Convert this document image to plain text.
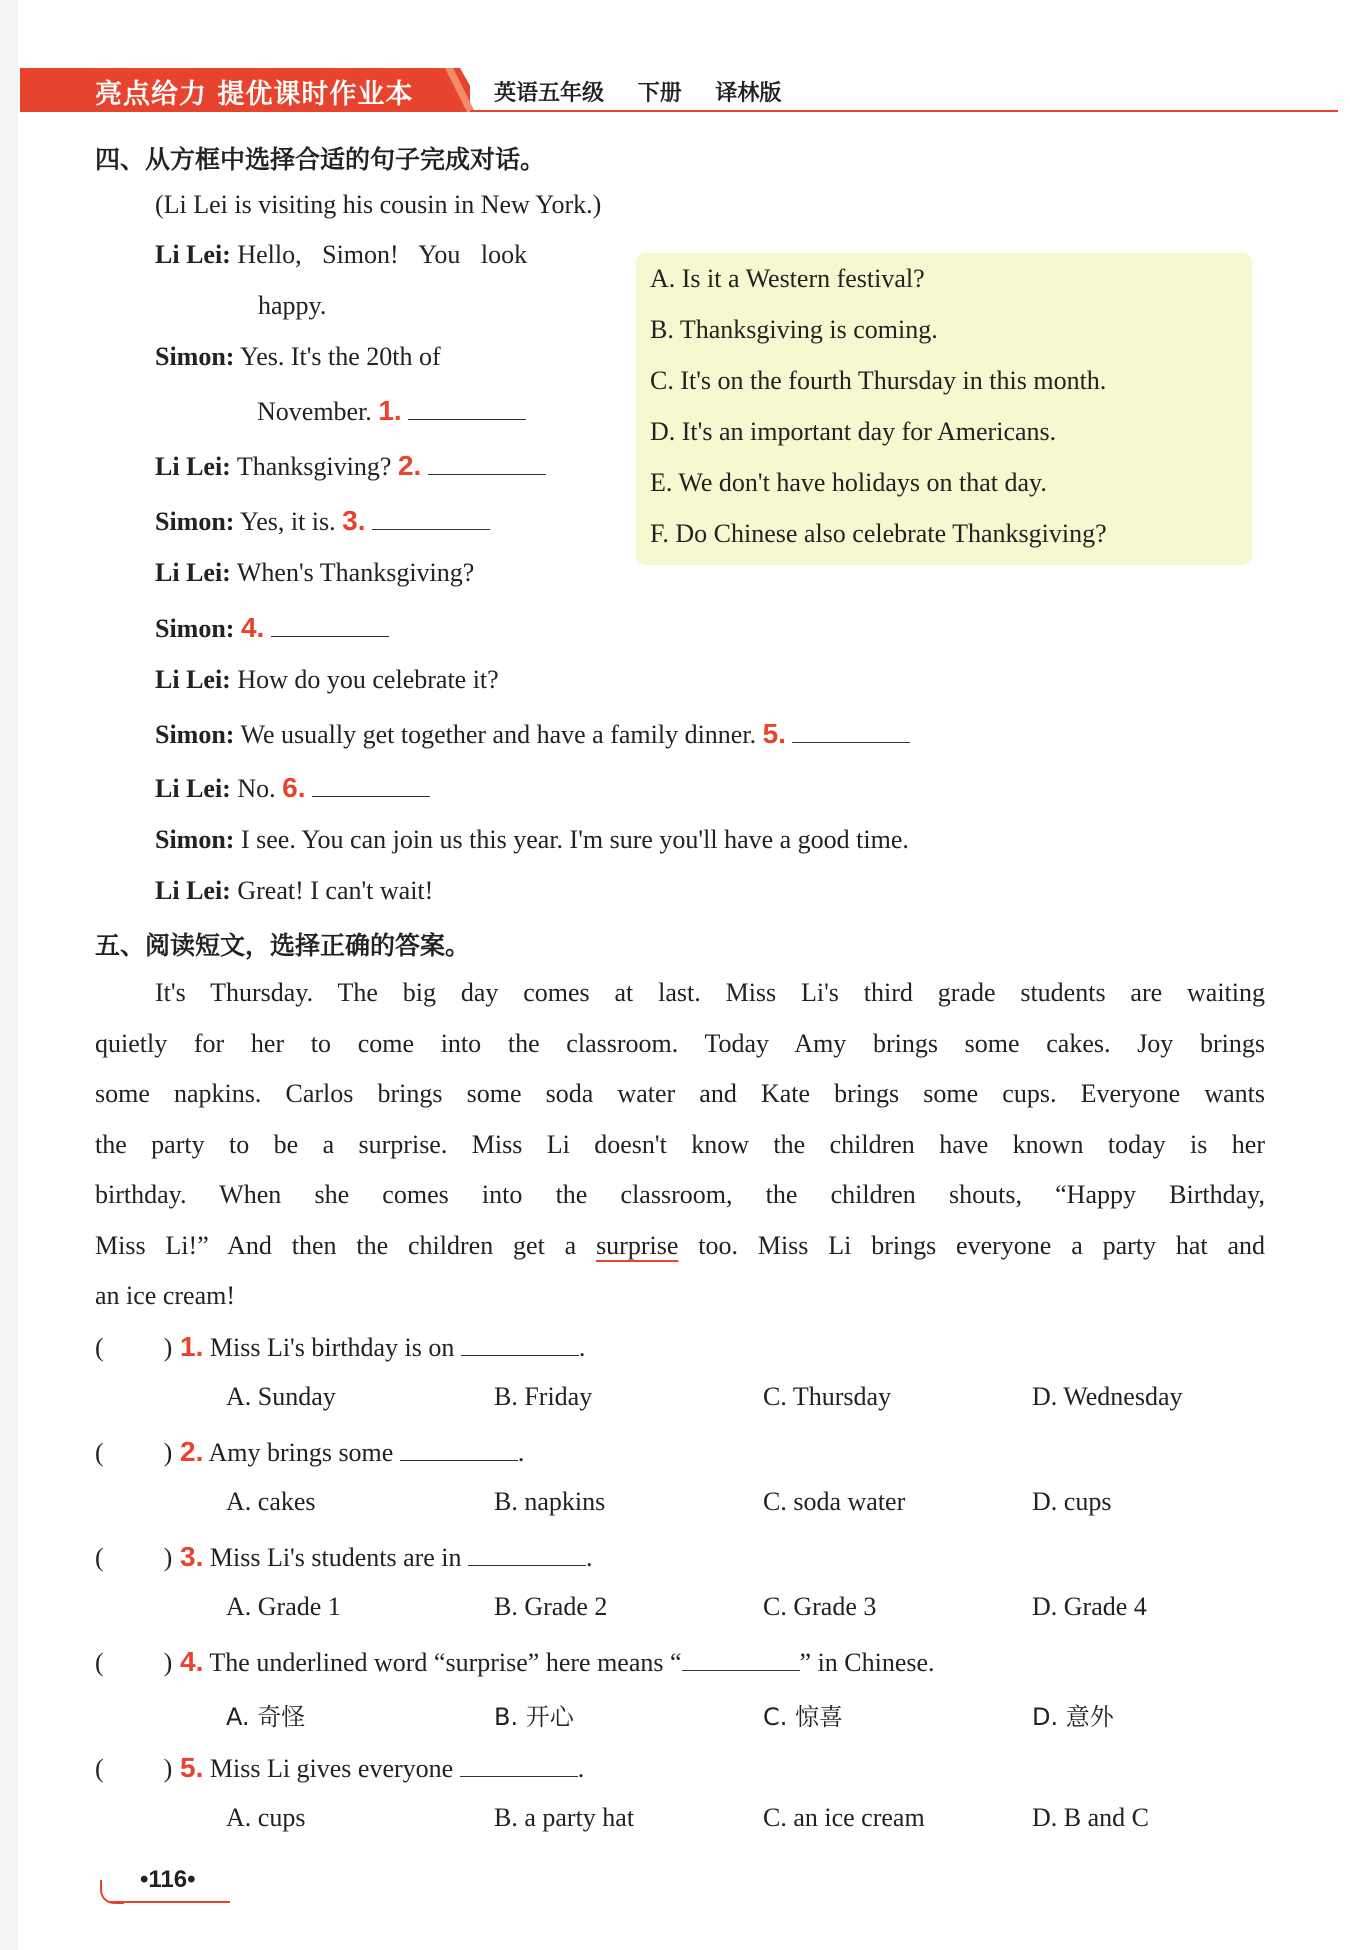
亮点给力 提优课时作业本	英语五年级 下册 译林版
四、从方框中选择合适的句子完成对话。
(Li Lei is visiting his cousin in New York.)
Li Lei: Hello, Simon! You look
happy.
Simon: Yes. It's the 20th of
November. 1.
Li Lei: Thanksgiving? 2.
Simon: Yes, it is. 3.
Li Lei: When's Thanksgiving?
Simon: 4.
Li Lei: How do you celebrate it?
Simon: We usually get together and have a family dinner. 5.
Li Lei: No. 6.
Simon: I see. You can join us this year. I'm sure you'll have a good time.
Li Lei: Great! I can't wait!
A. Is it a Western festival?
B. Thanksgiving is coming.
C. It's on the fourth Thursday in this month.
D. It's an important day for Americans.
E. We don't have holidays on that day.
F. Do Chinese also celebrate Thanksgiving?
五、阅读短文，选择正确的答案。
It's Thursday. The big day comes at last. Miss Li's third grade students are waiting
quietly for her to come into the classroom. Today Amy brings some cakes. Joy brings
some napkins. Carlos brings some soda water and Kate brings some cups. Everyone wants
the party to be a surprise. Miss Li doesn't know the children have known today is her
birthday. When she comes into the classroom, the children shouts, “Happy Birthday,
Miss Li!” And then the children get a surprise too. Miss Li brings everyone a party hat and
an ice cream!
( ) 1. Miss Li's birthday is on	.
A. Sunday	B. Friday	C. Thursday	D. Wednesday
( ) 2. Amy brings some	.
A. cakes	B. napkins	C. soda water	D. cups
( ) 3. Miss Li's students are in	.
A. Grade 1	B. Grade 2	C. Grade 3	D. Grade 4
( ) 4. The underlined word “surprise” here means “	” in Chinese.
A. 奇怪	B. 开心	C. 惊喜	D. 意外
( ) 5. Miss Li gives everyone	.
A. cups	B. a party hat	C. an ice cream	D. B and C
•116•
